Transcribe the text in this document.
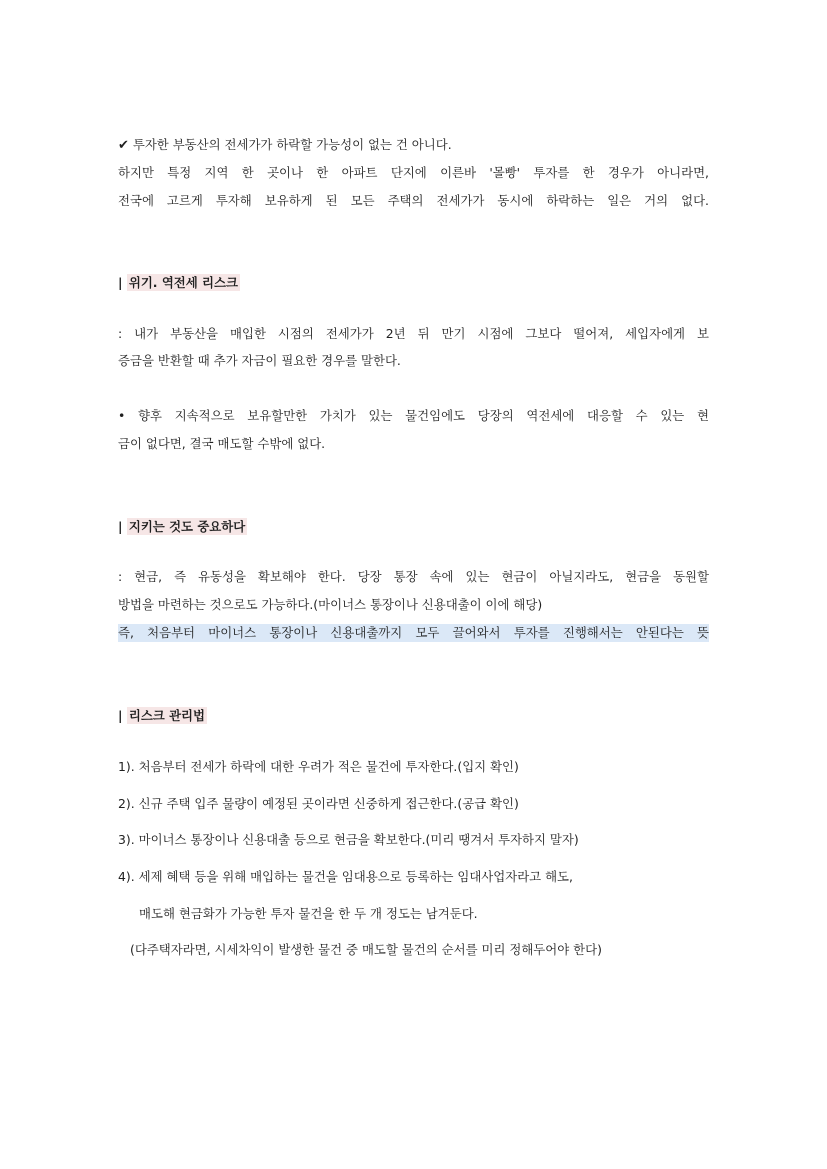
✔ 투자한 부동산의 전세가가 하락할 가능성이 없는 건 아니다.
하지만 특정 지역 한 곳이나 한 아파트 단지에 이른바 '몰빵' 투자를 한 경우가 아니라면,
전국에 고르게 투자해 보유하게 된 모든 주택의 전세가가 동시에 하락하는 일은 거의 없다.
| 위기. 역전세 리스크
: 내가 부동산을 매입한 시점의 전세가가 2년 뒤 만기 시점에 그보다 떨어져, 세입자에게 보
증금을 반환할 때 추가 자금이 필요한 경우를 말한다.
• 향후 지속적으로 보유할만한 가치가 있는 물건임에도 당장의 역전세에 대응할 수 있는 현
금이 없다면, 결국 매도할 수밖에 없다.
| 지키는 것도 중요하다
: 현금, 즉 유동성을 확보해야 한다. 당장 통장 속에 있는 현금이 아닐지라도, 현금을 동원할
방법을 마련하는 것으로도 가능하다.(마이너스 통장이나 신용대출이 이에 해당)
즉, 처음부터 마이너스 통장이나 신용대출까지 모두 끌어와서 투자를 진행해서는 안된다는 뜻
| 리스크 관리법
1). 처음부터 전세가 하락에 대한 우려가 적은 물건에 투자한다.(입지 확인)
2). 신규 주택 입주 물량이 예정된 곳이라면 신중하게 접근한다.(공급 확인)
3). 마이너스 통장이나 신용대출 등으로 현금을 확보한다.(미리 땡겨서 투자하지 말자)
4). 세제 혜택 등을 위해 매입하는 물건을 임대용으로 등록하는 임대사업자라고 해도,
매도해 현금화가 가능한 투자 물건을 한 두 개 정도는 남겨둔다.
(다주택자라면, 시세차익이 발생한 물건 중 매도할 물건의 순서를 미리 정해두어야 한다)
